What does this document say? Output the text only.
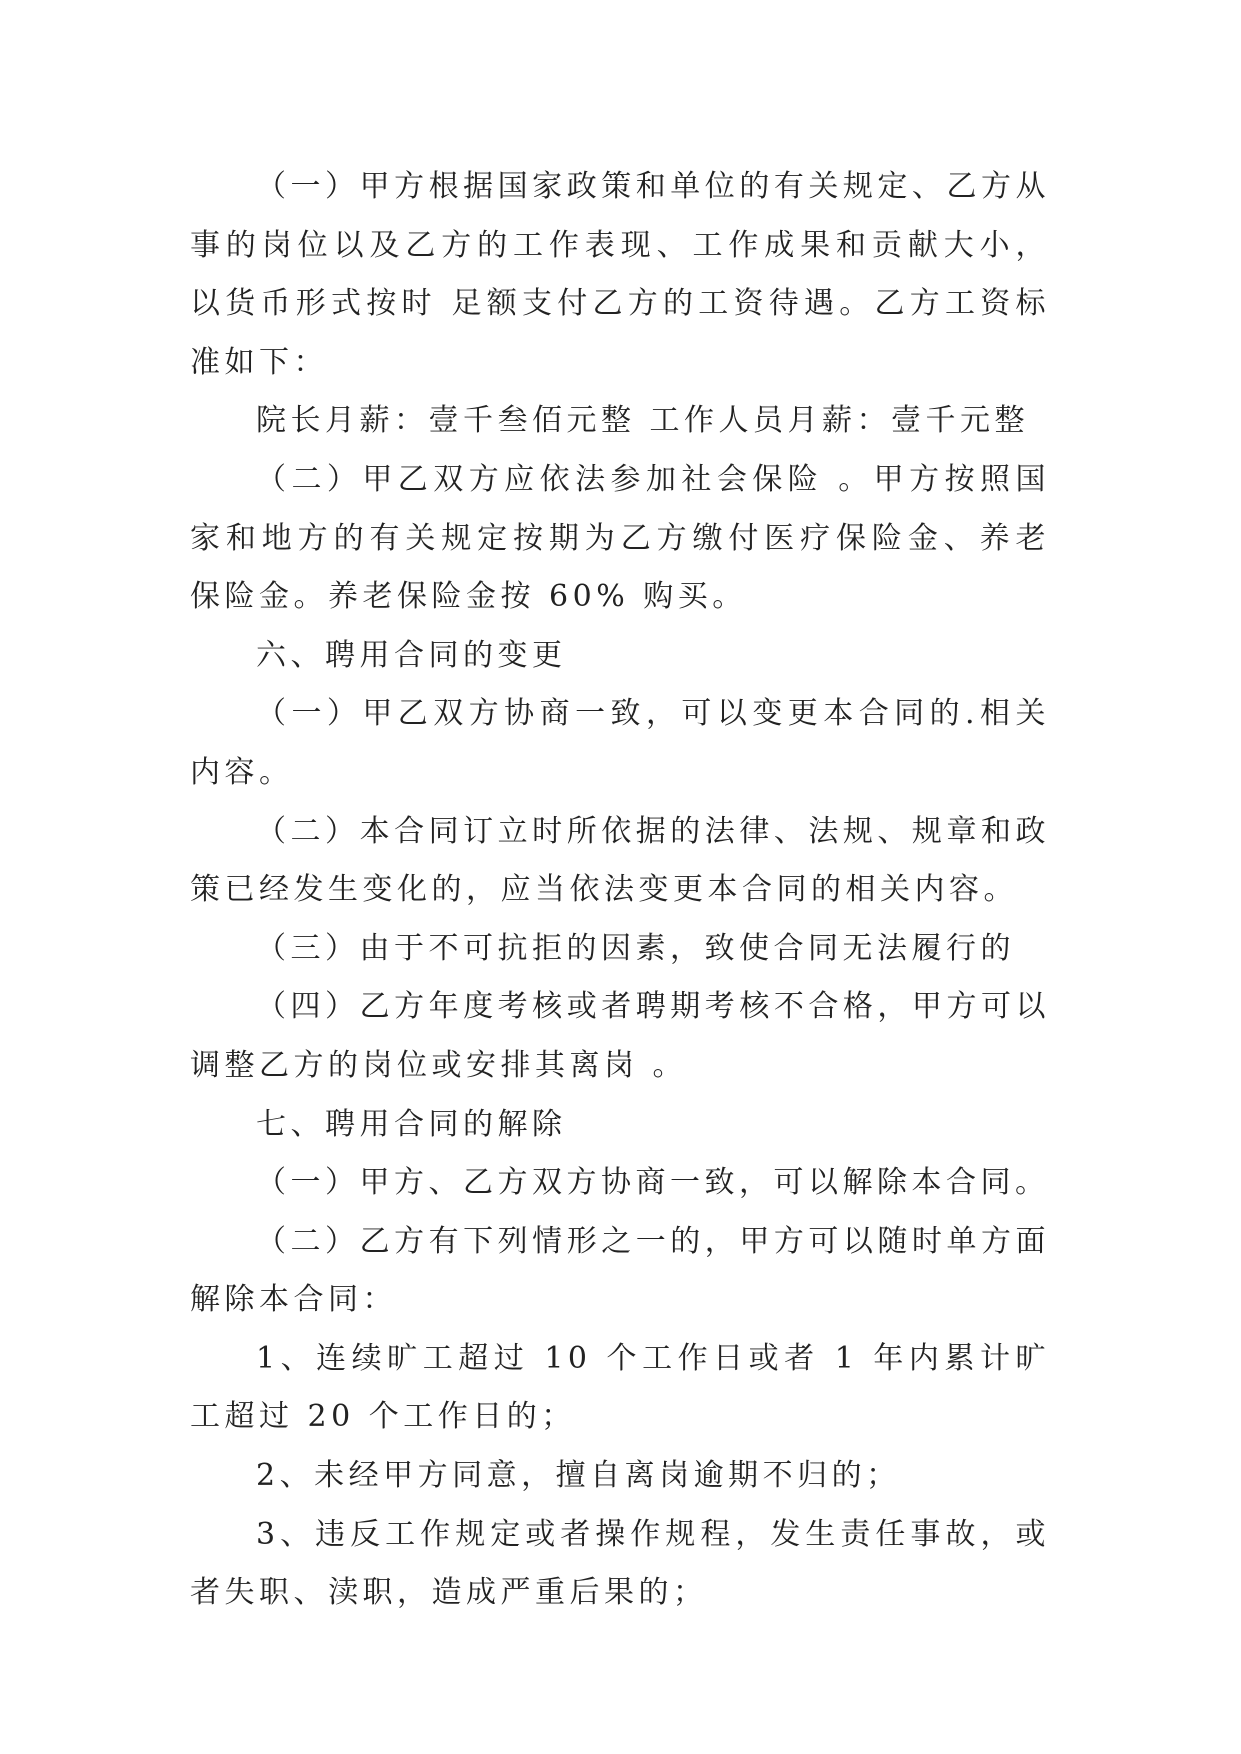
（一）甲方根据国家政策和单位的有关规定、乙方从事的岗位以及乙方的工作表现、工作成果和贡献大小，以货币形式按时 足额支付乙方的工资待遇。乙方工资标准如下：

院长月薪：壹千叁佰元整 工作人员月薪：壹千元整

（二）甲乙双方应依法参加社会保险 。甲方按照国家和地方的有关规定按期为乙方缴付医疗保险金、养老保险金。养老保险金按 60% 购买。

六、聘用合同的变更

（一）甲乙双方协商一致，可以变更本合同的.相关内容。

（二）本合同订立时所依据的法律、法规、规章和政策已经发生变化的，应当依法变更本合同的相关内容。

（三）由于不可抗拒的因素，致使合同无法履行的

（四）乙方年度考核或者聘期考核不合格，甲方可以调整乙方的岗位或安排其离岗 。

七、聘用合同的解除

（一）甲方、乙方双方协商一致，可以解除本合同。

（二）乙方有下列情形之一的，甲方可以随时单方面解除本合同：

1、连续旷工超过 10 个工作日或者 1 年内累计旷工超过 20 个工作日的；

2、未经甲方同意，擅自离岗逾期不归的；

3、违反工作规定或者操作规程，发生责任事故，或者失职、渎职，造成严重后果的；
